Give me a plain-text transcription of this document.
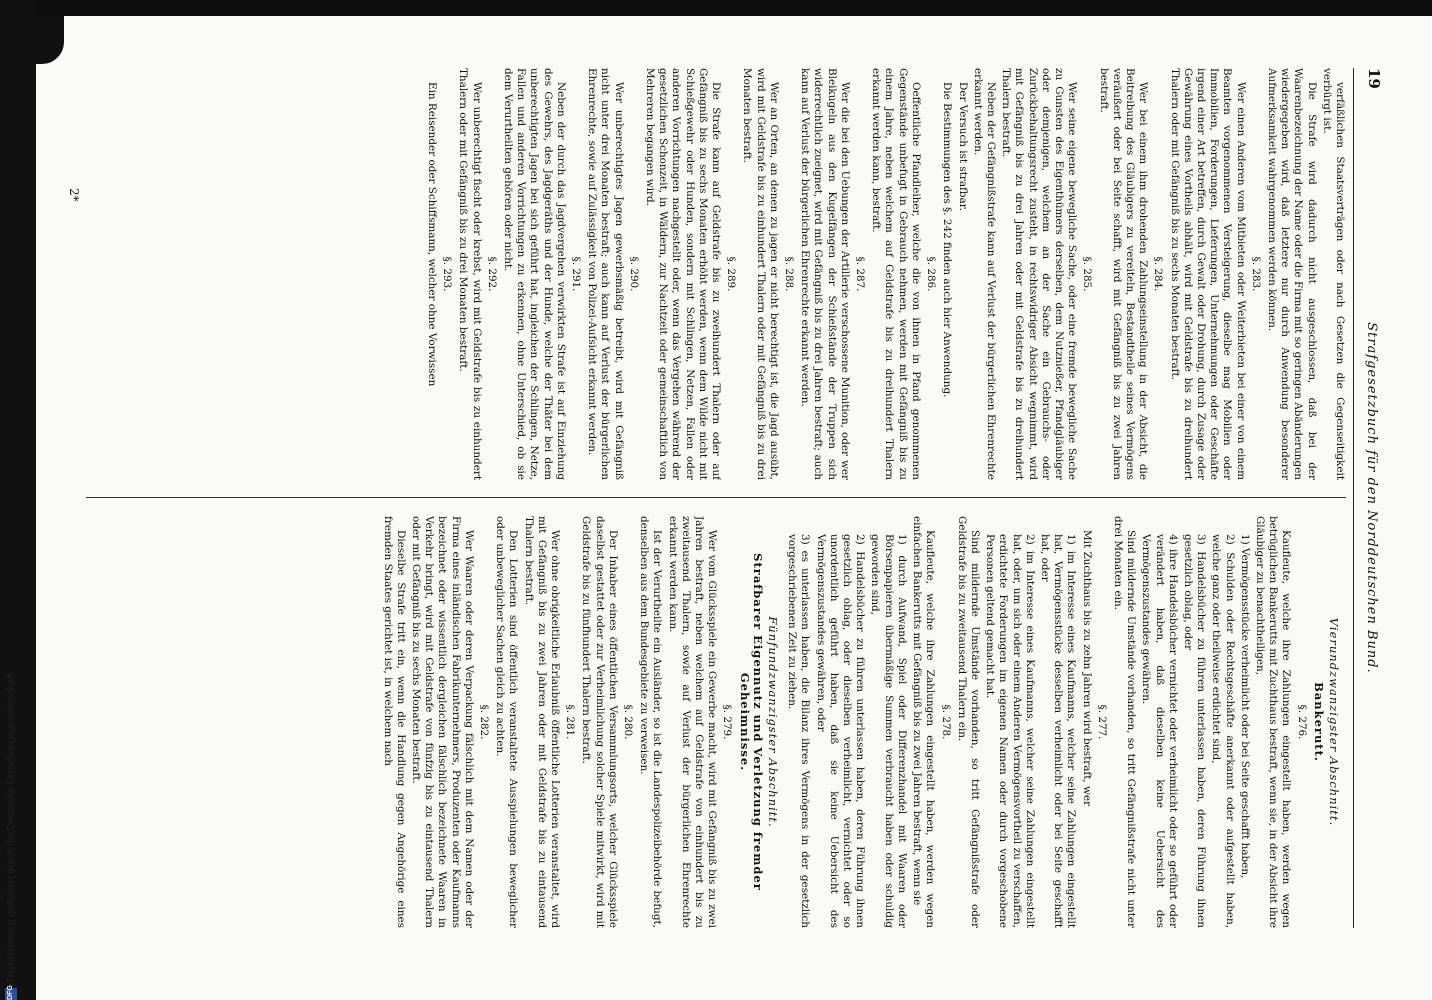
DFG
Digitalisierung gefördert durch die Deutsche Forschungsgemeinschaft
19
Strafgesetzbuch für den Norddeutschen Bund.

verfäßlichen Staatsverträgen oder nach Gesetzen die Gegenseitigkeit verbürgt ist.

Die Strafe wird dadurch nicht ausgeschlossen, daß bei der Waarenbezeichnung der Name oder die Firma mit so geringen Abänderungen wiedergegeben wird, daß letztere nur durch Anwendung besonderer Aufmerksamkeit wahrgenommen werden können.

§. 283.

Wer einen Anderen vom Mitbieten oder Weiterbieten bei einer von einem Beamten vorgenommenen Versteigerung, dieselbe mag Mobilien oder Immobilien, Forderungen, Lieferungen, Unternehmungen oder Geschäfte irgend einer Art betreffen, durch Gewalt oder Drohung, durch Zusage oder Gewährung eines Vortheils abhält, wird mit Geldstrafe bis zu dreihundert Thalern oder mit Gefängniß bis zu sechs Monaten bestraft.

§. 284.

Wer bei einem ihm drohenden Zahlungseinstellung in der Absicht, die Beitreibung des Gläubigers zu vereiteln, Bestandtheile seines Vermögens veräußert oder bei Seite schafft, wird mit Gefängniß bis zu zwei Jahren bestraft.

§. 285.

Wer seine eigene bewegliche Sache, oder eine fremde bewegliche Sache zu Gunsten des Eigenthümers derselben, dem Nutznießer, Pfandgläubiger oder demjenigen, welchem an der Sache ein Gebrauchs- oder Zurückbehaltungsrecht zusteht, in rechtswidriger Absicht wegnimmt, wird mit Gefängniß bis zu drei Jahren oder mit Geldstrafe bis zu dreihundert Thalern bestraft.

Neben der Gefängnißstrafe kann auf Verlust der bürgerlichen Ehrenrechte erkannt werden.

Der Versuch ist strafbar.

Die Bestimmungen des §. 242 finden auch hier Anwendung.

§. 286.

Oeffentliche Pfandleiher, welche die von ihnen in Pfand genommenen Gegenstände unbefugt in Gebrauch nehmen, werden mit Gefängniß bis zu einem Jahre, neben welchem auf Geldstrafe bis zu dreihundert Thalern erkannt werden kann, bestraft.

§. 287.

Wer die bei den Uebungen der Artillerie verschossene Munition, oder wer Bleikugeln aus den Kugelfängen der Schießstände der Truppen sich widerrechtlich zueignet, wird mit Gefängniß bis zu drei Jahren bestraft; auch kann auf Verlust der bürgerlichen Ehrenrechte erkannt werden.

§. 288.

Wer an Orten, an denen zu jagen er nicht berechtigt ist, die Jagd ausübt, wird mit Geldstrafe bis zu einhundert Thalern oder mit Gefängniß bis zu drei Monaten bestraft.

§. 289.

Die Strafe kann auf Geldstrafe bis zu zweihundert Thalern oder auf Gefängniß bis zu sechs Monaten erhöht werden, wenn dem Wilde nicht mit Schießgewehr oder Hunden, sondern mit Schlingen, Netzen, Fallen oder anderen Vorrichtungen nachgestellt oder, wenn das Vergehen während der gesetzlichen Schonzeit, in Wäldern, zur Nachtzeit oder gemeinschaftlich von Mehreren begangen wird.

§. 290.

Wer unberechtigtes Jagen gewerbsmäßig betreibt, wird mit Gefängniß nicht unter drei Monaten bestraft; auch kann auf Verlust der bürgerlichen Ehrenrechte, sowie auf Zulässigkeit von Polizei-Aufsicht erkannt werden.

§. 291.

Neben der durch das Jagdvergehen verwirkten Strafe ist auf Einziehung des Gewehrs, des Jagdgeräths und der Hunde, welche der Thäter bei dem unberechtigten Jagen bei sich geführt hat, ingleichen der Schlingen, Netze, Fallen und anderen Vorrichtungen zu erkennen, ohne Unterschied, ob sie dem Verurtheilten gehören oder nicht.

§. 292.

Wer unberechtigt fischt oder krebst, wird mit Geldstrafe bis zu einhundert Thalern oder mit Gefängniß bis zu drei Monaten bestraft.

§. 293.

Ein Reisender oder Schiffsmann, welcher ohne Vorwissen

Vierundzwanzigster Abschnitt.
Bankerutt.
§. 276.

Kaufleute, welche ihre Zahlungen eingestellt haben, werden wegen betrüglichen Bankerutts mit Zuchthaus bestraft, wenn sie, in der Absicht ihre Gläubiger zu benachtheiligen,

1) Vermögensstücke verheimlicht oder bei Seite geschafft haben,

2) Schulden oder Rechtsgeschäfte anerkannt oder aufgestellt haben, welche ganz oder theilweise erdichtet sind,

3) Handelsbücher zu führen unterlassen haben, deren Führung ihnen gesetzlich oblag, oder

4) ihre Handelsbücher vernichtet oder verheimlicht oder so geführt oder verändert haben, daß dieselben keine Uebersicht des Vermögenszustandes gewähren.

Sind mildernde Umstände vorhanden, so tritt Gefängnißstrafe nicht unter drei Monaten ein.

§. 277.

Mit Zuchthaus bis zu zehn Jahren wird bestraft, wer

1) im Interesse eines Kaufmanns, welcher seine Zahlungen eingestellt hat, Vermögensstücke desselben verheimlicht oder bei Seite geschafft hat, oder

2) im Interesse eines Kaufmanns, welcher seine Zahlungen eingestellt hat, oder, um sich oder einem Anderen Vermögensvortheil zu verschaffen, erdichtete Forderungen im eigenen Namen oder durch vorgeschobene Personen geltend gemacht hat.

Sind mildernde Umstände vorhanden, so tritt Gefängnißstrafe oder Geldstrafe bis zu zweitausend Thalern ein.

§. 278.

Kaufleute, welche ihre Zahlungen eingestellt haben, werden wegen einfachen Bankerutts mit Gefängniß bis zu zwei Jahren bestraft, wenn sie

1) durch Aufwand, Spiel oder Differenzhandel mit Waaren oder Börsenpapieren übermäßige Summen verbraucht haben oder schuldig geworden sind,

2) Handelsbücher zu führen unterlassen haben, deren Führung ihnen gesetzlich oblag, oder dieselben verheimlicht, vernichtet oder so unordentlich geführt haben, daß sie keine Uebersicht des Vermögenszustandes gewähren, oder

3) es unterlassen haben, die Bilanz ihres Vermögens in der gesetzlich vorgeschriebenen Zeit zu ziehen.

Fünfundzwanzigster Abschnitt.
Strafbarer Eigennutz und Verletzung fremder Geheimnisse.
§. 279.

Wer vom Glücksspiele ein Gewerbe macht, wird mit Gefängniß bis zu zwei Jahren bestraft, neben welchem auf Geldstrafe von einhundert bis zu zweitausend Thalern, sowie auf Verlust der bürgerlichen Ehrenrechte erkannt werden kann.

Ist der Verurtheilte ein Ausländer, so ist die Landespolizeibehörde befugt, denselben aus dem Bundesgebiete zu verweisen.

§. 280.

Der Inhaber eines öffentlichen Versammlungsorts, welcher Glücksspiele daselbst gestattet oder zur Verheimlichung solcher Spiele mitwirkt, wird mit Geldstrafe bis zu fünfhundert Thalern bestraft.

§. 281.

Wer ohne obrigkeitliche Erlaubniß öffentliche Lotterien veranstaltet, wird mit Gefängniß bis zu zwei Jahren oder mit Geldstrafe bis zu eintausend Thalern bestraft.

Den Lotterien sind öffentlich veranstaltete Ausspielungen beweglicher oder unbeweglicher Sachen gleich zu achten.

§. 282.

Wer Waaren oder deren Verpackung fälschlich mit dem Namen oder der Firma eines inländischen Fabrikunternehmers, Produzenten oder Kaufmanns bezeichnet oder wissentlich dergleichen fälschlich bezeichnete Waaren in Verkehr bringt, wird mit Geldstrafe von fünfzig bis zu eintausend Thalern oder mit Gefängniß bis zu sechs Monaten bestraft.

Dieselbe Strafe tritt ein, wenn die Handlung gegen Angehörige eines fremden Staates gerichtet ist, in welchem nach

2*
